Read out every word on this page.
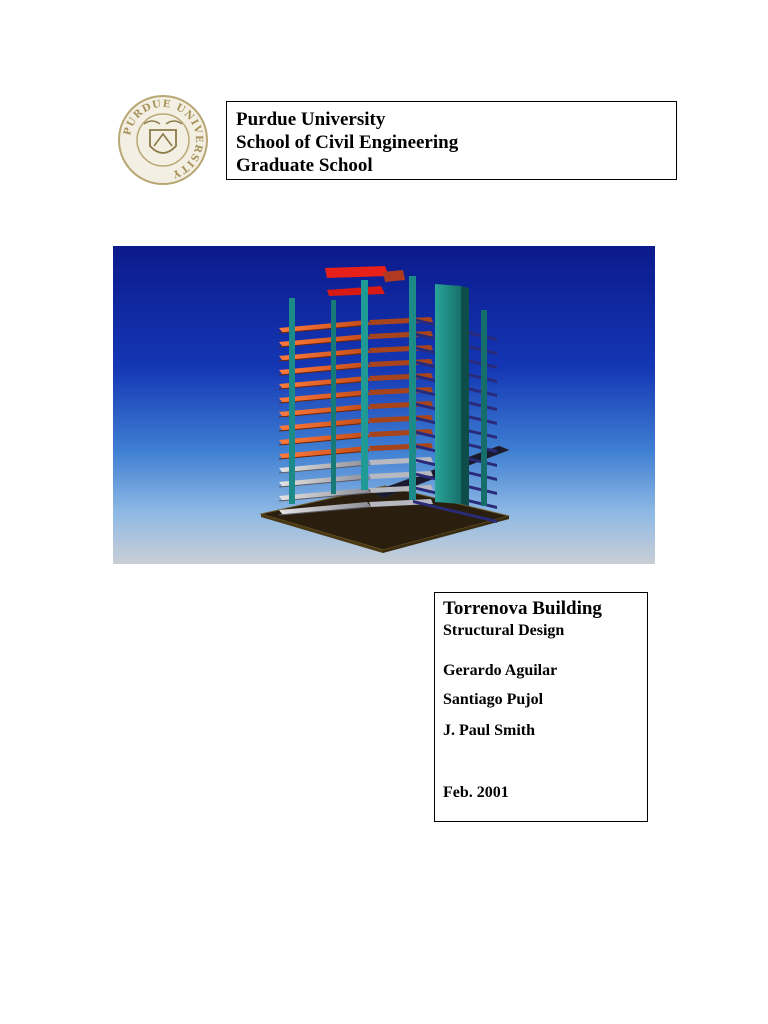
PURDUE UNIVERSITY
Purdue University
School of Civil Engineering
Graduate School
Torrenova Building
Structural Design
Gerardo Aguilar
Santiago Pujol
J. Paul Smith
Feb. 2001
